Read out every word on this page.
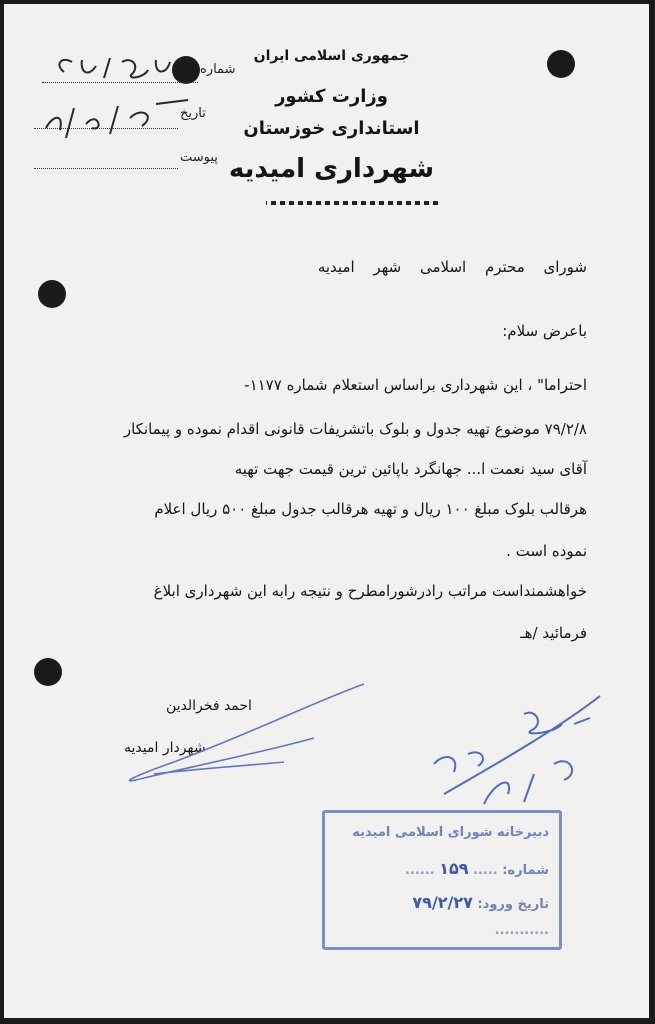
جمهوری اسلامی ایران
وزارت کشور
استانداری خوزستان
شهرداری امیدیه
شماره
تاریخ
پیوست
شورای محترم اسلامی شهر امیدیه
باعرض سلام:
احتراما" ، این شهرداری براساس استعلام شماره ۱۱۷۷-
۷۹/۲/۸ موضوع تهیه جدول و بلوک باتشریفات قانونی اقدام نموده و پیمانکار
آقای سید نعمت ا... جهانگرد باپائین ترین قیمت جهت تهیه
هرقالب بلوک مبلغ ۱۰۰ ریال و تهیه هرقالب جدول مبلغ ۵۰۰ ریال اعلام
نموده است .
خواهشمنداست مراتب رادرشورامطرح و نتیجه رابه این شهرداری ابلاغ
فرمائید /هـ
احمد فخرالدین
شهردار امیدیه
دبیرخانه شورای اسلامی امیدیه
شماره: ..... ۱۵۹ ......
تاریخ ورود: ۷۹/۲/۲۷
...........
